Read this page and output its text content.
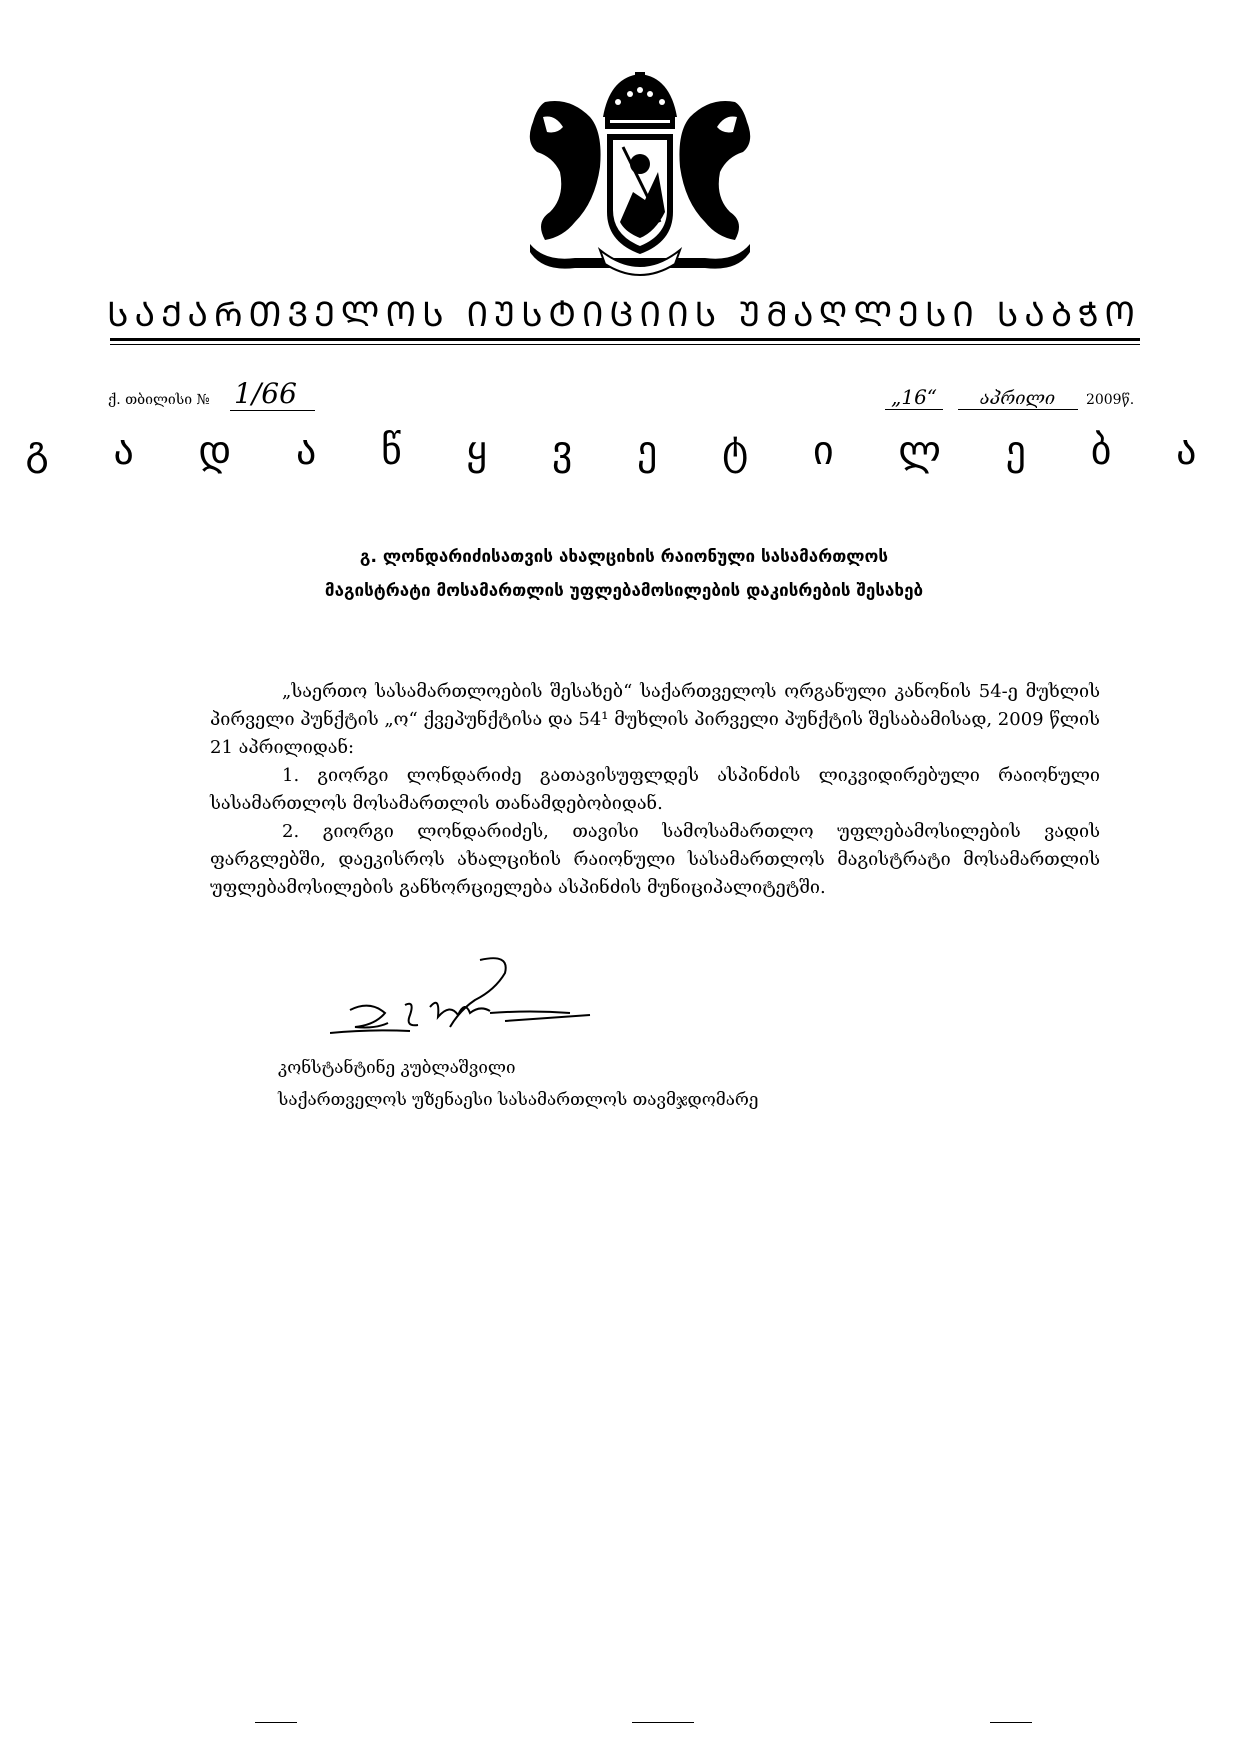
ᲡᲐᲥᲐᲠᲗᲕᲔᲚᲝᲡ ᲘᲣᲡᲢᲘᲪᲘᲘᲡ ᲣᲛᲐᲦᲚᲔᲡᲘ ᲡᲐᲑᲭᲝ
ქ. თბილისი № 1/66	„16“ აპრილი 2009წ.
გ ა დ ა წ ყ ვ ე ტ ი ლ ე ბ ა
გ. ლონდარიძისათვის ახალციხის რაიონული სასამართლოს
მაგისტრატი მოსამართლის უფლებამოსილების დაკისრების შესახებ

„საერთო სასამართლოების შესახებ“ საქართველოს ორგანული კანონის 54-ე მუხლის პირველი პუნქტის „ო“ ქვეპუნქტისა და 54¹ მუხლის პირველი პუნქტის შესაბამისად, 2009 წლის 21 აპრილიდან:

1. გიორგი ლონდარიძე გათავისუფლდეს ასპინძის ლიკვიდირებული რაიონული სასამართლოს მოსამართლის თანამდებობიდან.

2. გიორგი ლონდარიძეს, თავისი სამოსამართლო უფლებამოსილების ვადის ფარგლებში, დაეკისროს ახალციხის რაიონული სასამართლოს მაგისტრატი მოსამართლის უფლებამოსილების განხორციელება ასპინძის მუნიციპალიტეტში.

კონსტანტინე კუბლაშვილი
საქართველოს უზენაესი სასამართლოს თავმჯდომარე
